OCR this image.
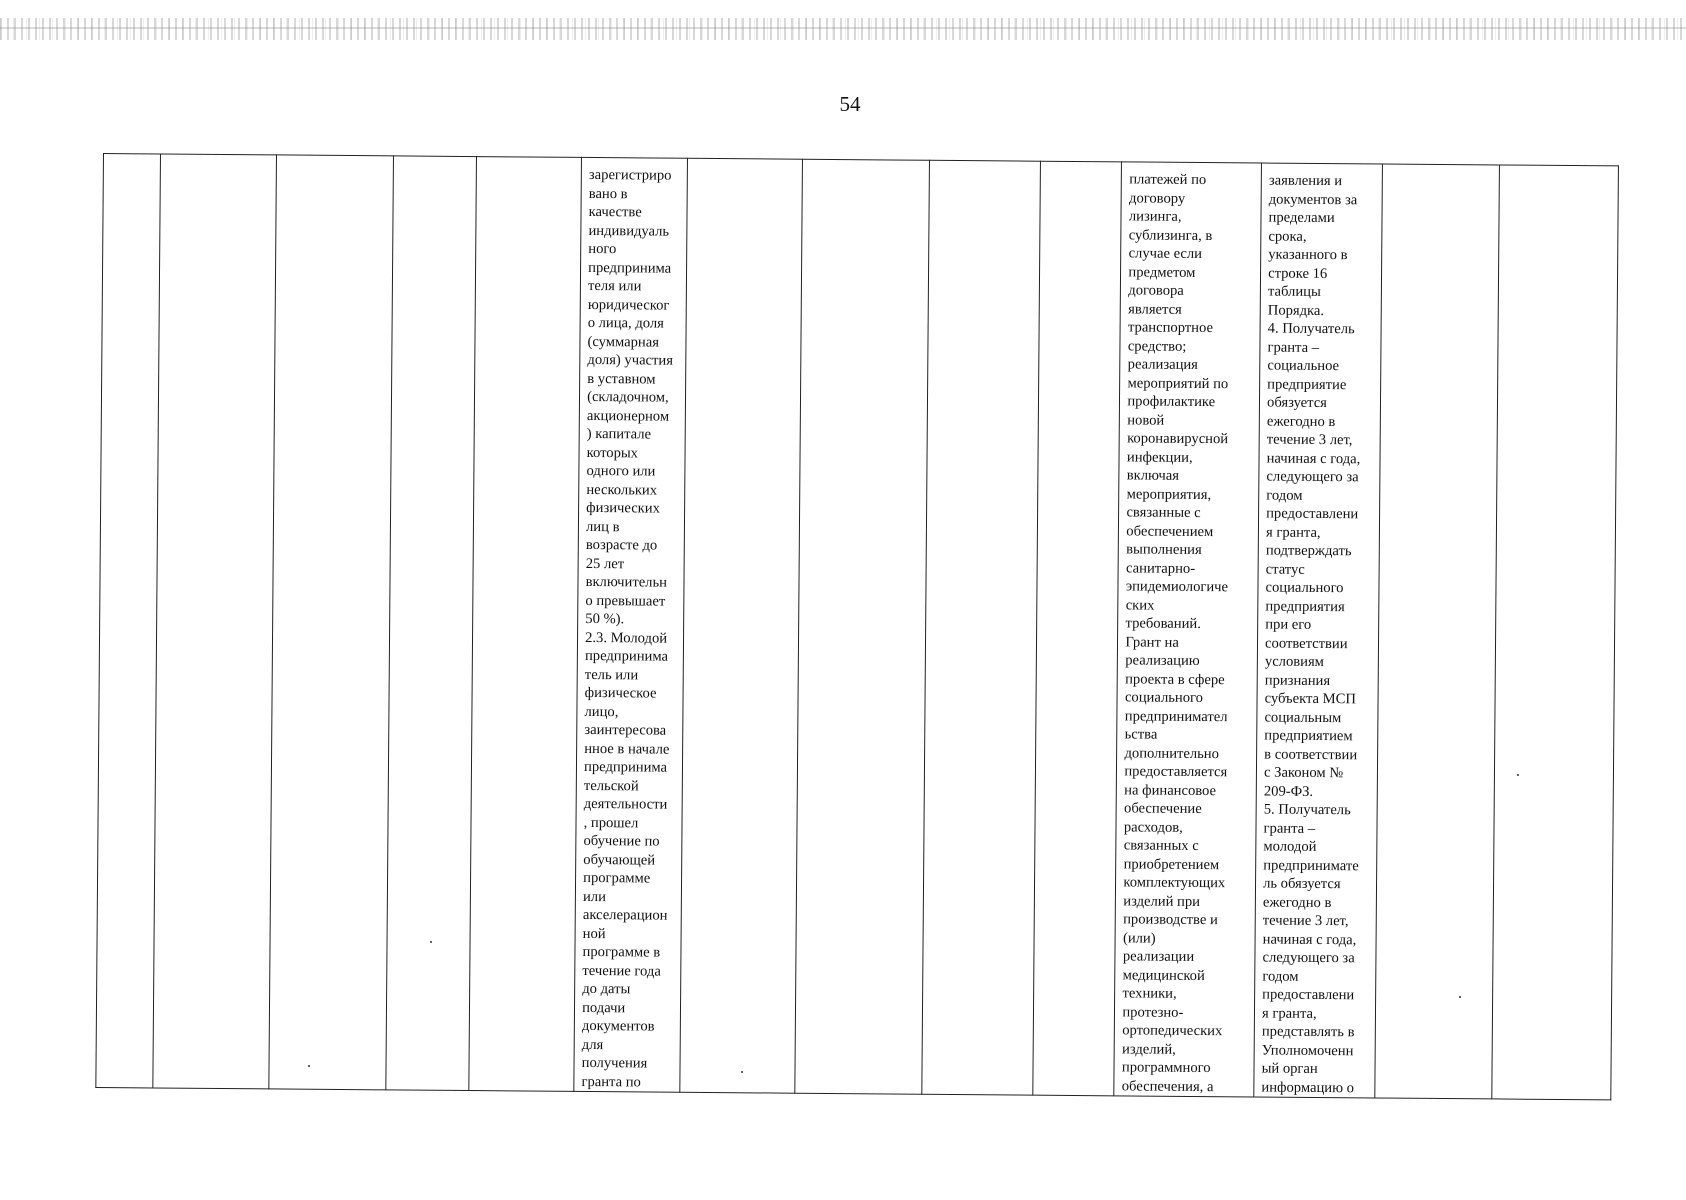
54
					зарегистриро
вано в
качестве
индивидуаль
ного
предпринима
теля или
юридическог
о лица, доля
(суммарная
доля) участия
в уставном
(складочном,
акционерном
) капитале
которых
одного или
нескольких
физических
лиц в
возрасте до
25 лет
включительн
о превышает
50 %).
2.3. Молодой
предпринима
тель или
физическое
лицо,
заинтересова
нное в начале
предпринима
тельской
деятельности
, прошел
обучение по
обучающей
программе
или
акселерацион
ной
программе в
течение года
до даты
подачи
документов
для
получения
гранта по					платежей по
договору
лизинга,
сублизинга, в
случае если
предметом
договора
является
транспортное
средство;
реализация
мероприятий по
профилактике
новой
коронавирусной
инфекции,
включая
мероприятия,
связанные с
обеспечением
выполнения
санитарно-
эпидемиологиче
ских
требований.
Грант на
реализацию
проекта в сфере
социального
предпринимател
ьства
дополнительно
предоставляется
на финансовое
обеспечение
расходов,
связанных с
приобретением
комплектующих
изделий при
производстве и
(или)
реализации
медицинской
техники,
протезно-
ортопедических
изделий,
программного
обеспечения, а	заявления и
документов за
пределами
срока,
указанного в
строке 16
таблицы
Порядка.
4. Получатель
гранта –
социальное
предприятие
обязуется
ежегодно в
течение 3 лет,
начиная с года,
следующего за
годом
предоставлени
я гранта,
подтверждать
статус
социального
предприятия
при его
соответствии
условиям
признания
субъекта МСП
социальным
предприятием
в соответствии
с Законом №
209-ФЗ.
5. Получатель
гранта –
молодой
предпринимате
ль обязуется
ежегодно в
течение 3 лет,
начиная с года,
следующего за
годом
предоставлени
я гранта,
представлять в
Уполномоченн
ый орган
информацию о		
